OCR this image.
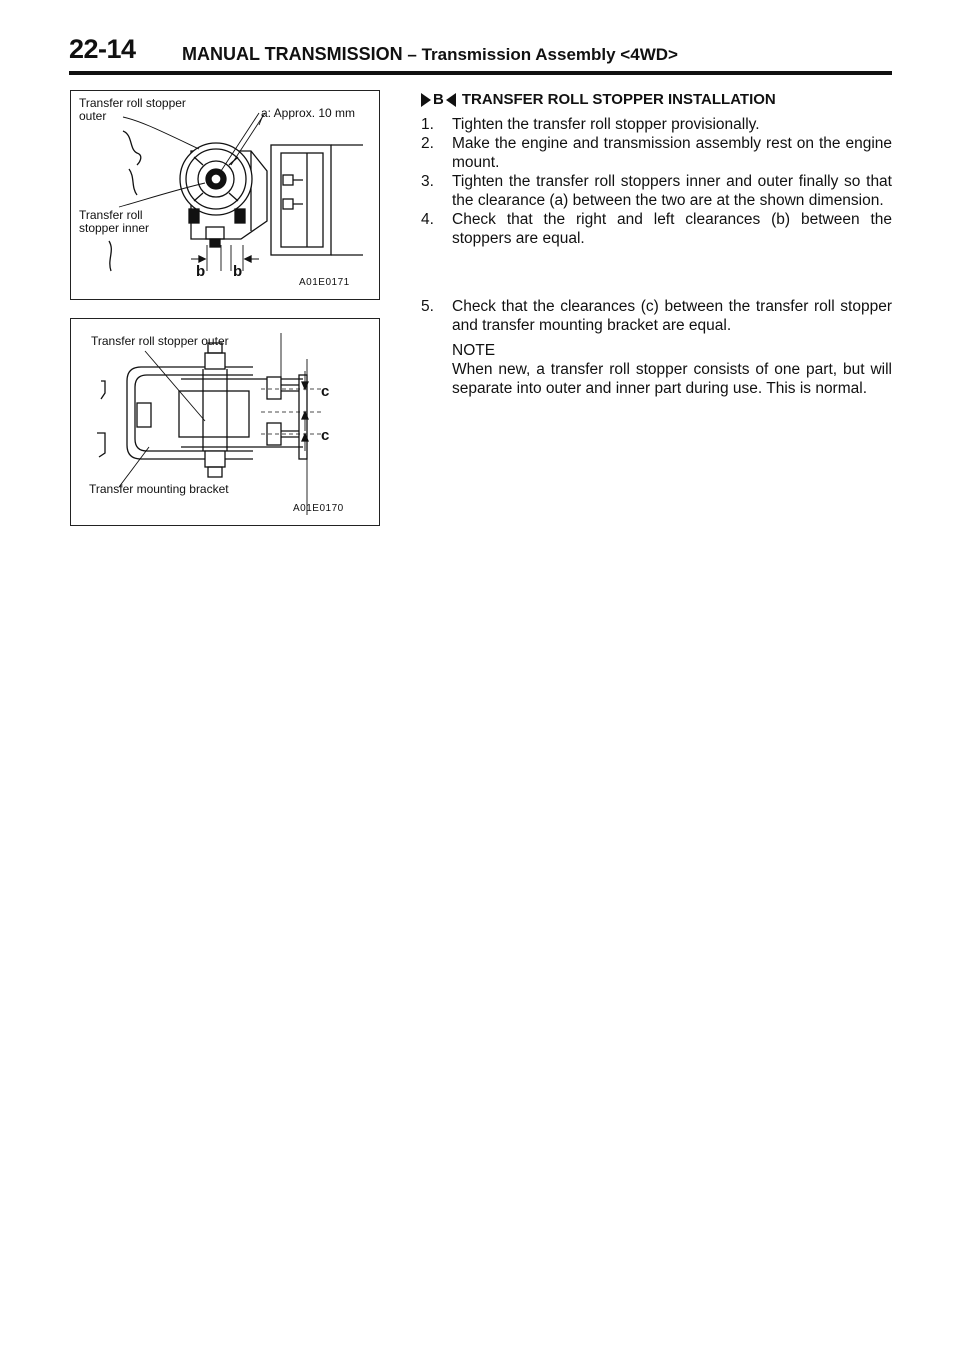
22-14	MANUAL TRANSMISSION – Transmission Assembly <4WD>
Transfer roll stopper
outer	a: Approx. 10 mm
Transfer roll
stopper inner
b b
A01E0171
Transfer roll stopper outer
Transfer mounting bracket
c
c
A01E0170
B TRANSFER ROLL STOPPER INSTALLATION
1.	Tighten the transfer roll stopper provisionally.
2.	Make the engine and transmission assembly rest on the engine mount.
3.	Tighten the transfer roll stoppers inner and outer finally so that the clearance (a) between the two are at the shown dimension.
4.	Check that the right and left clearances (b) between the stoppers are equal.
5.	Check that the clearances (c) between the transfer roll stopper and transfer mounting bracket are equal.
NOTE
When new, a transfer roll stopper consists of one part, but will separate into outer and inner part during use. This is normal.
